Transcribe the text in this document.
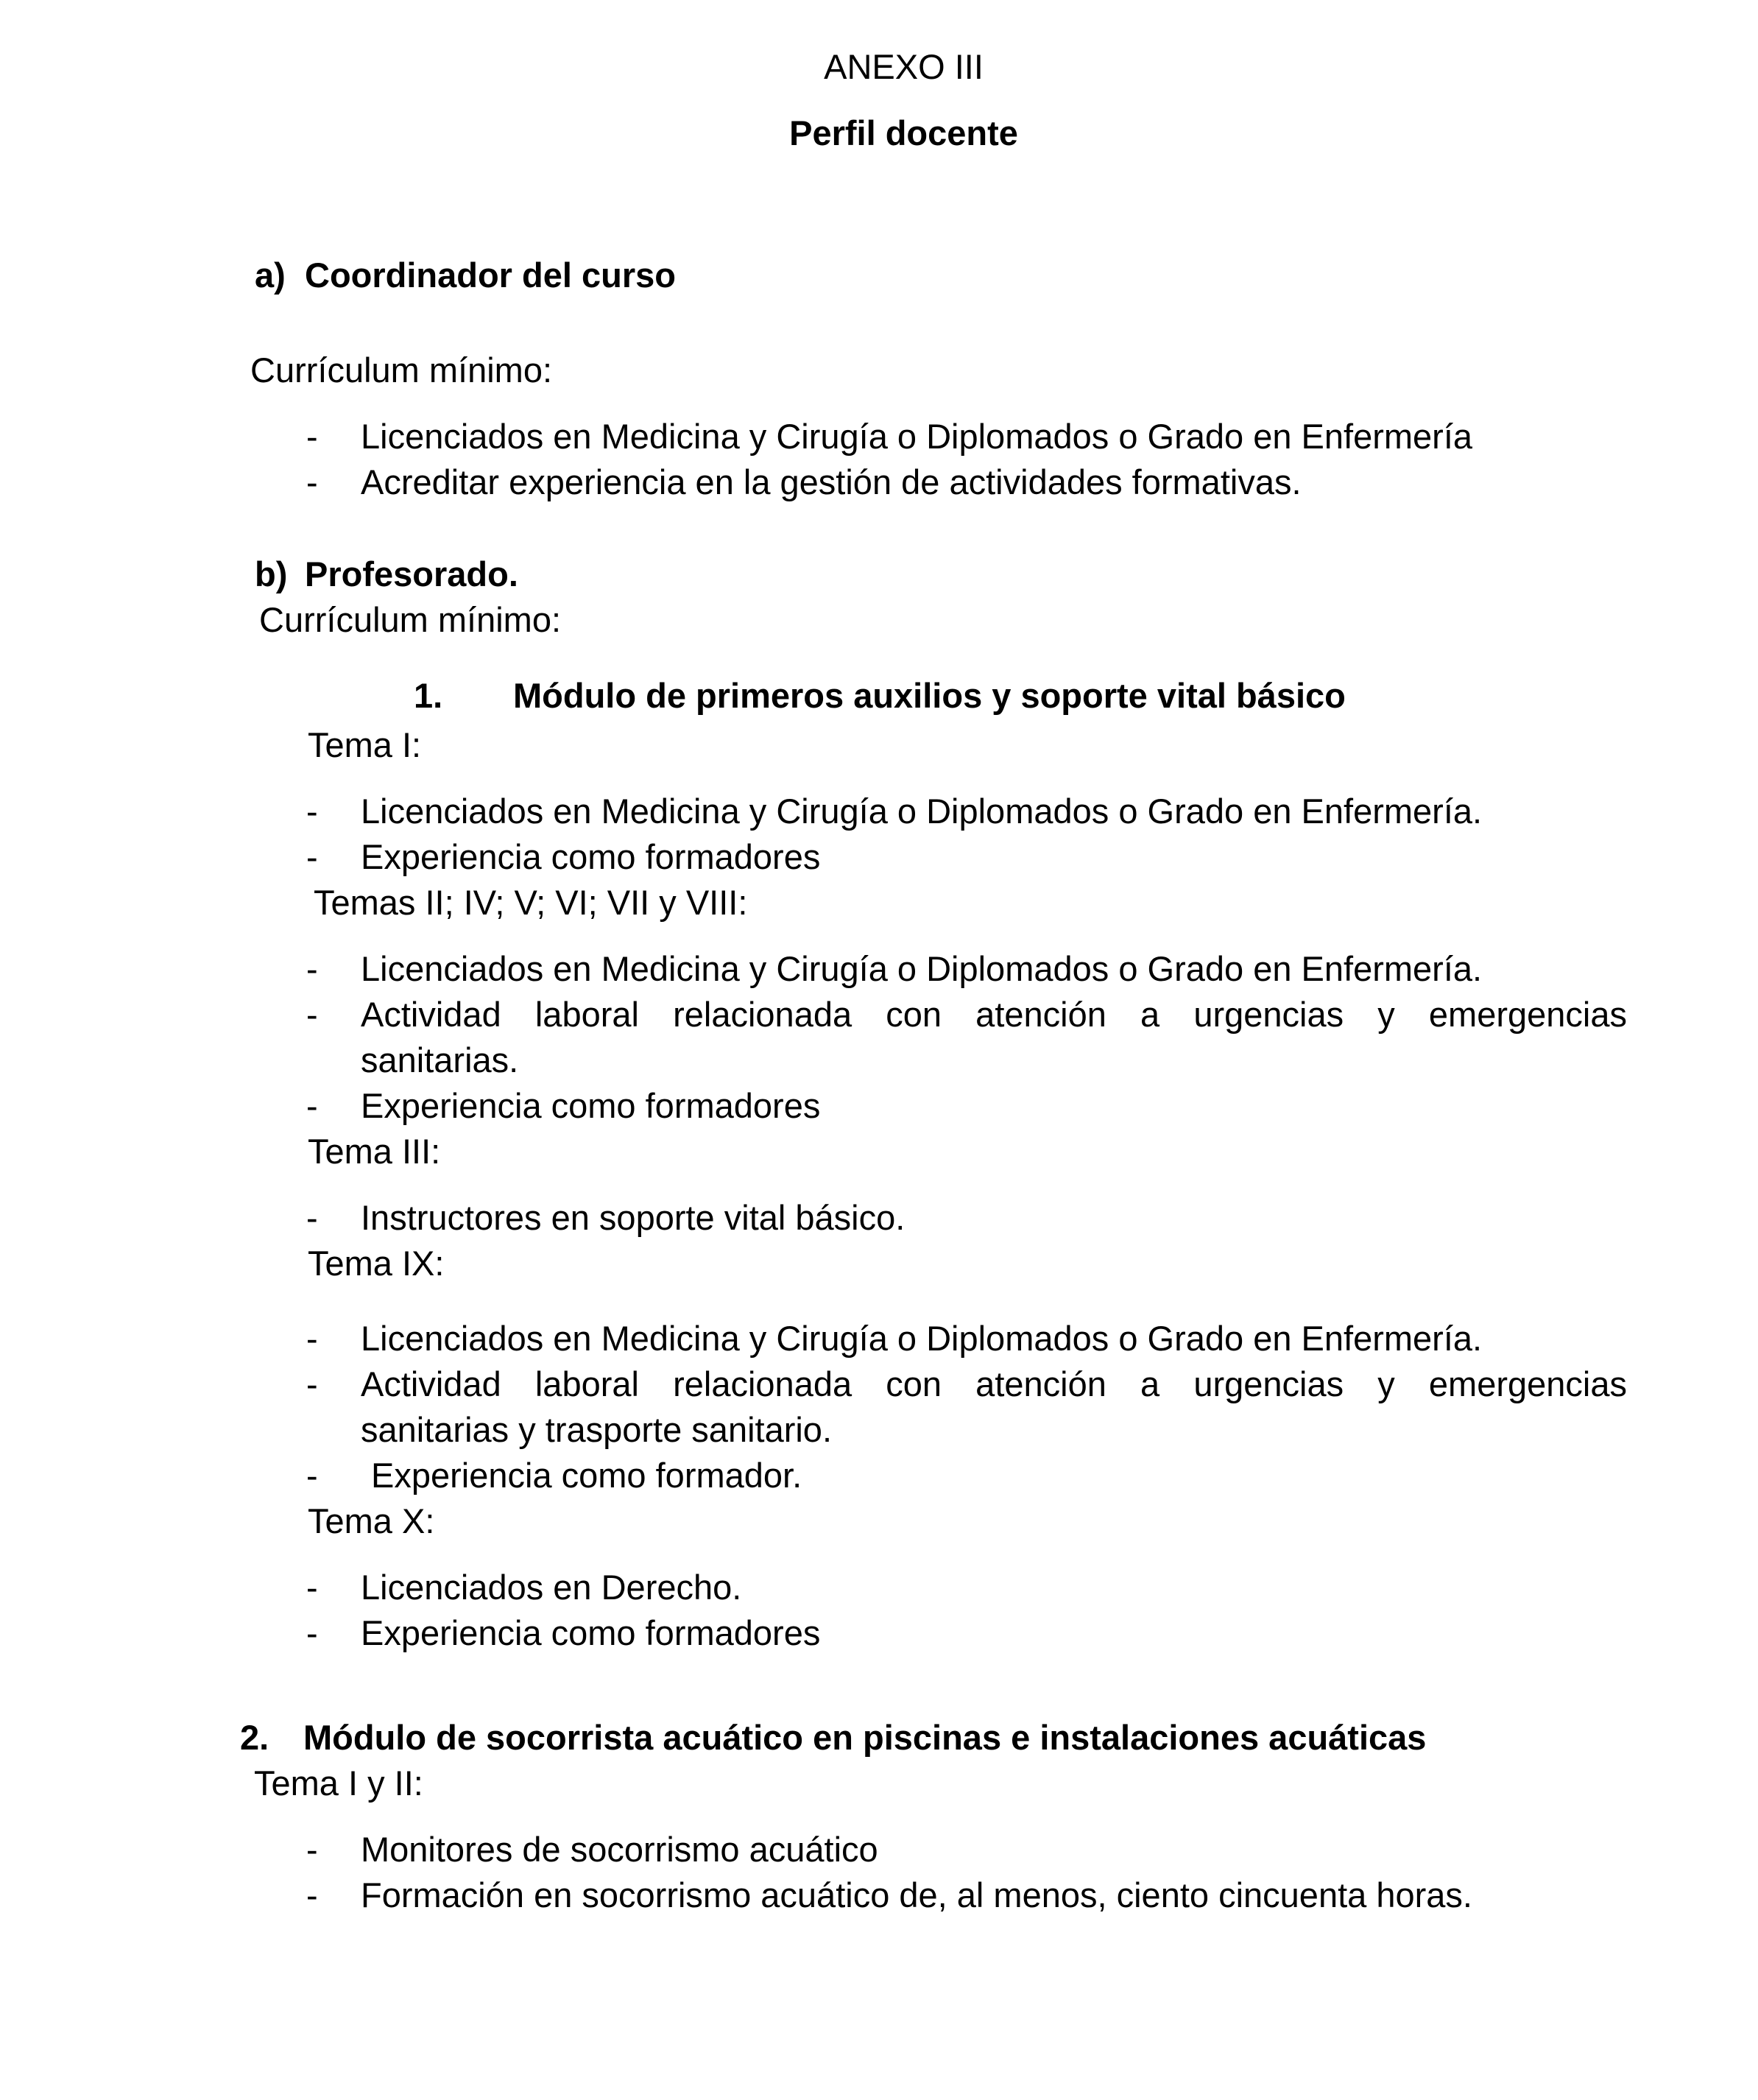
ANEXO III

Perfil docente

a) Coordinador del curso

Currículum mínimo:

- Licenciados en Medicina y Cirugía o Diplomados o Grado en Enfermería

- Acreditar experiencia en la gestión de actividades formativas.

b) Profesorado.

Currículum mínimo:

1. Módulo de primeros auxilios y soporte vital básico

Tema I:

- Licenciados en Medicina y Cirugía o Diplomados o Grado en Enfermería.

- Experiencia como formadores

Temas II; IV; V; VI; VII y VIII:

- Licenciados en Medicina y Cirugía o Diplomados o Grado en Enfermería.

- Actividad laboral relacionada con atención a urgencias y emergencias
sanitarias.

- Experiencia como formadores

Tema III:

- Instructores en soporte vital básico.

Tema IX:

- Licenciados en Medicina y Cirugía o Diplomados o Grado en Enfermería.

- Actividad laboral relacionada con atención a urgencias y emergencias
sanitarias y trasporte sanitario.

- Experiencia como formador.

Tema X:

- Licenciados en Derecho.

- Experiencia como formadores

2. Módulo de socorrista acuático en piscinas e instalaciones acuáticas

Tema I y II:

- Monitores de socorrismo acuático

- Formación en socorrismo acuático de, al menos, ciento cincuenta horas.
